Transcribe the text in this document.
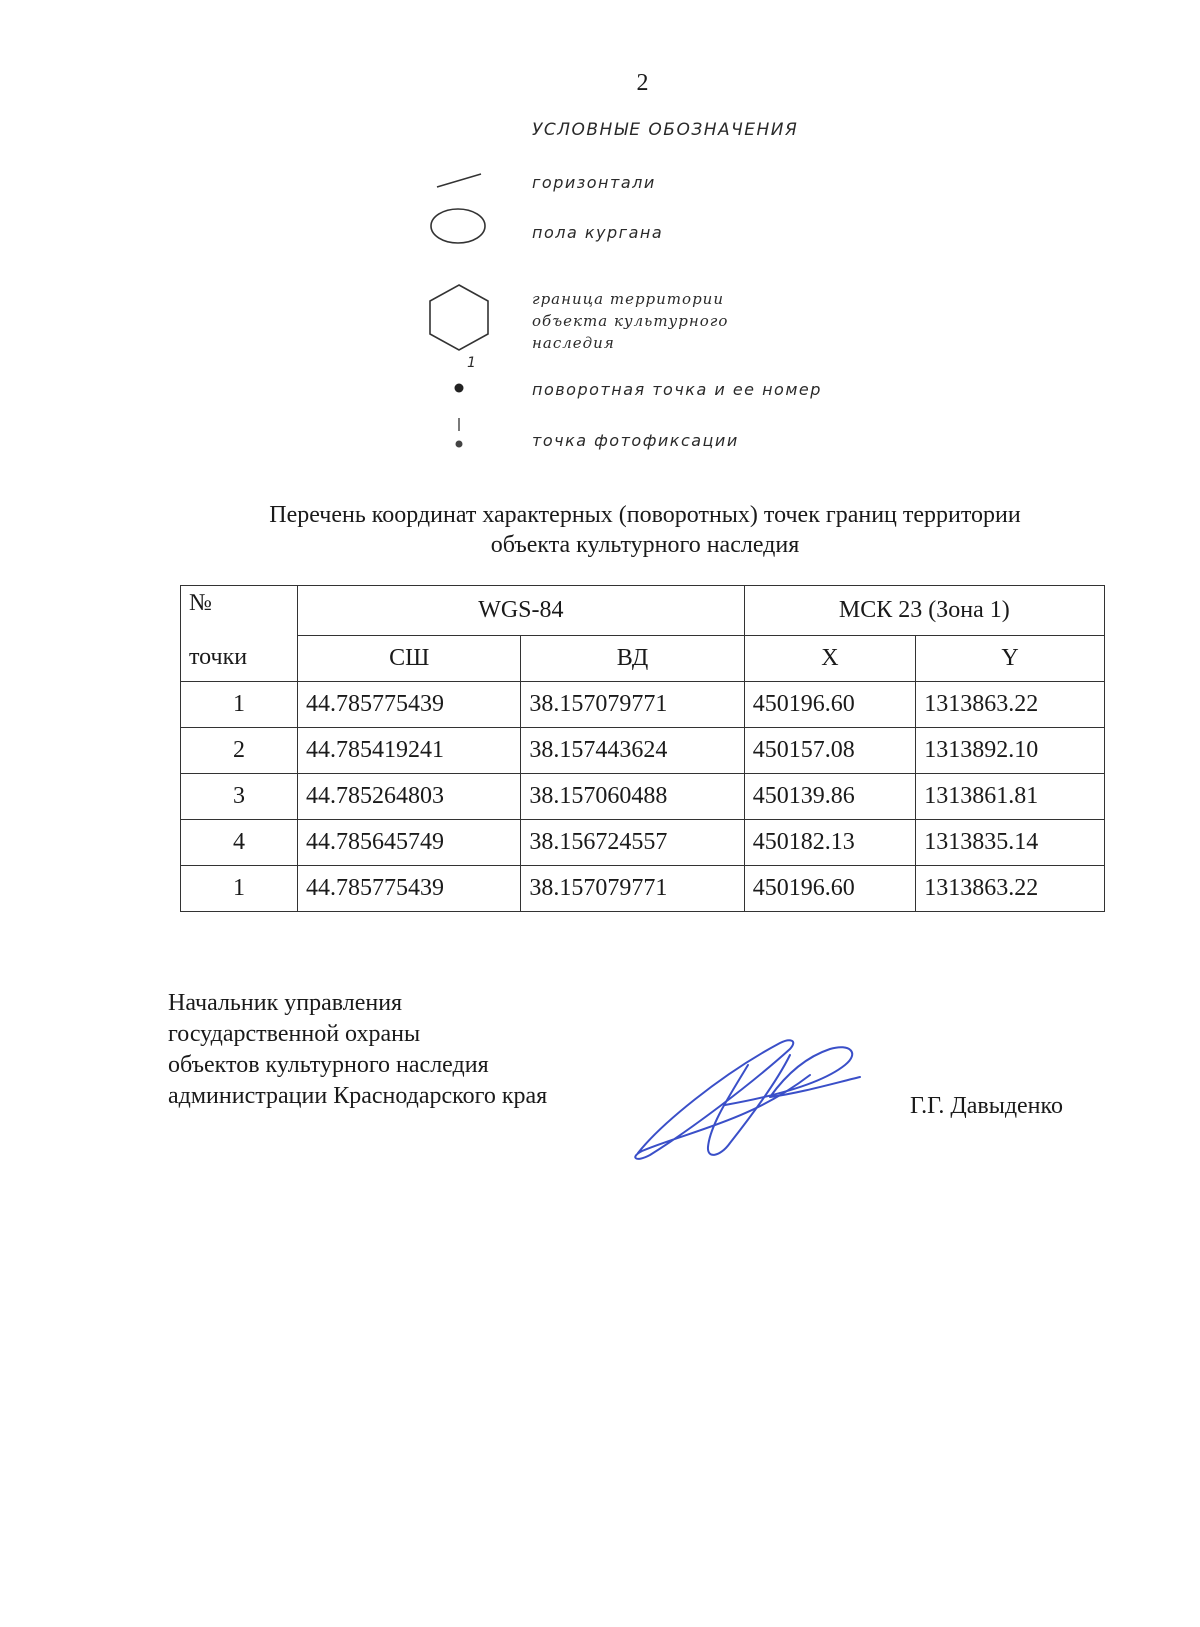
2
УСЛОВНЫЕ ОБОЗНАЧЕНИЯ
горизонтали
пола кургана
граница территории
объекта культурного
наследия
1
поворотная точка и ее номер
точка фотофиксации
Перечень координат характерных (поворотных) точек границ территории
объекта культурного наследия
№	WGS-84		МСК 23 (Зона 1)	
точки	СШ	ВД	X	Y
1	44.785775439	38.157079771	450196.60	1313863.22
2	44.785419241	38.157443624	450157.08	1313892.10
3	44.785264803	38.157060488	450139.86	1313861.81
4	44.785645749	38.156724557	450182.13	1313835.14
1	44.785775439	38.157079771	450196.60	1313863.22
Начальник управления
государственной охраны
объектов культурного наследия
администрации Краснодарского края	Г.Г. Давыденко
